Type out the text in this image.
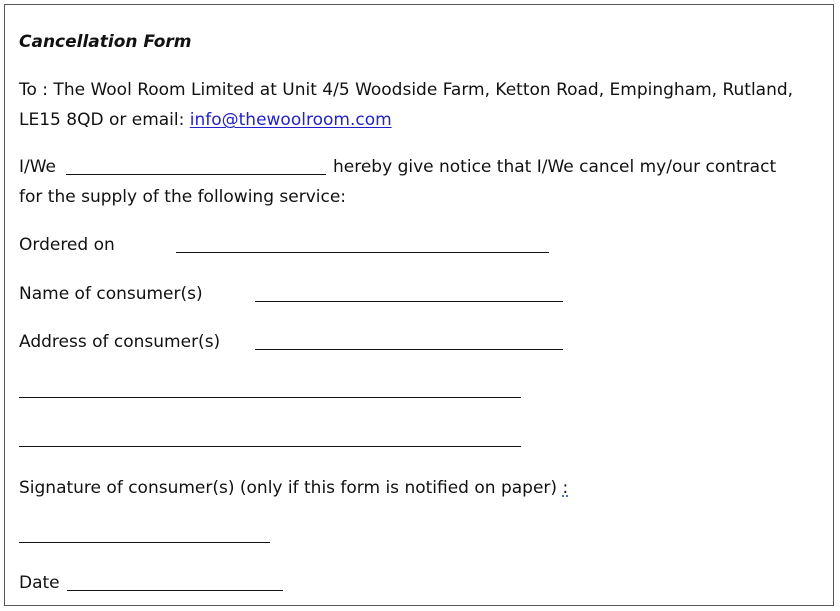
Cancellation Form
To : The Wool Room Limited at Unit 4/5 Woodside Farm, Ketton Road, Empingham, Rutland,
LE15 8QD or email: info@thewoolroom.com
I/We	hereby give notice that I/We cancel my/our contract
for the supply of the following service:
Ordered on
Name of consumer(s)
Address of consumer(s)
Signature of consumer(s) (only if this form is notified on paper) :
Date
